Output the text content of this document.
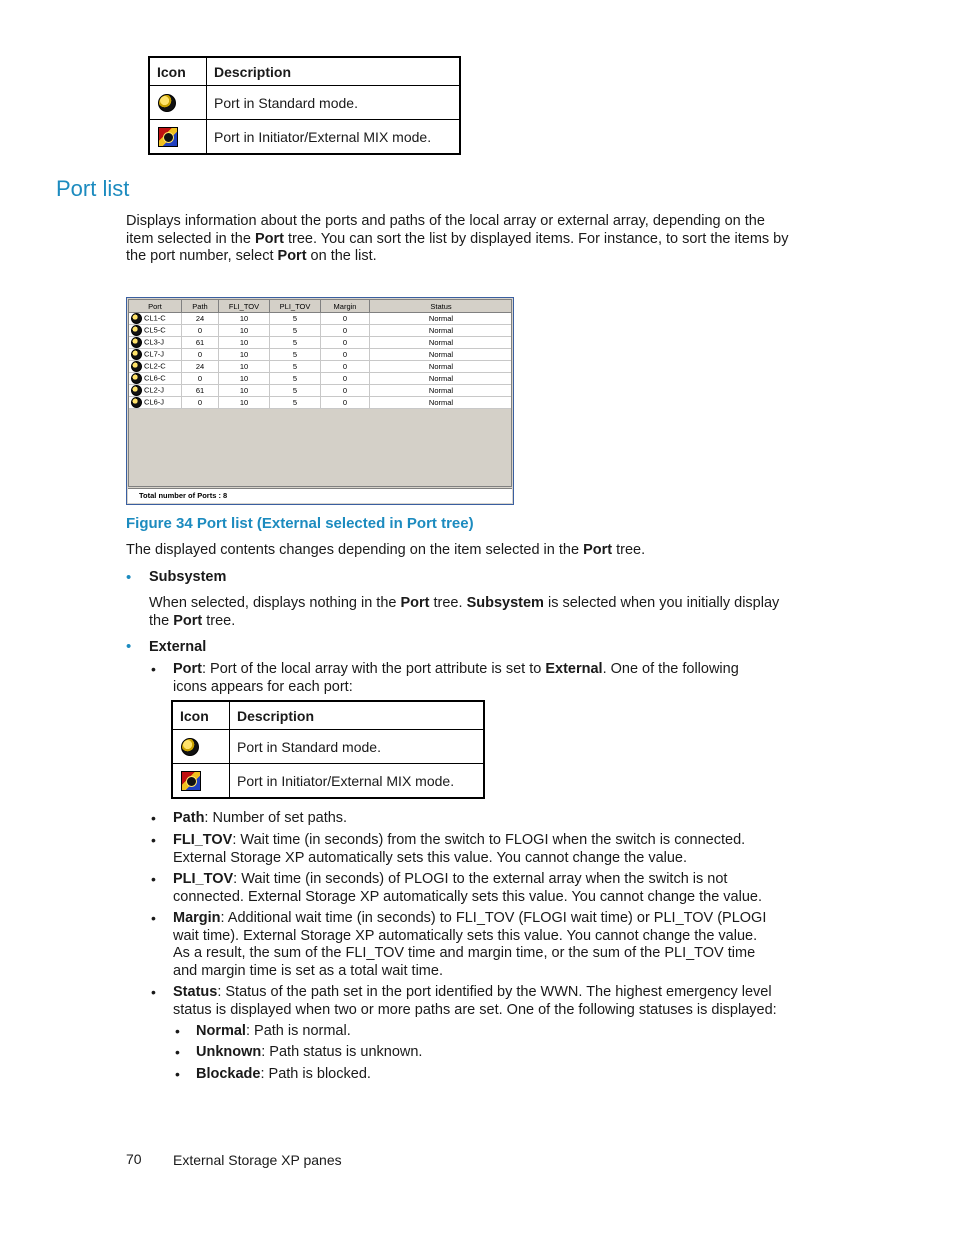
Icon	Description
	Port in Standard mode.
	Port in Initiator/External MIX mode.
Port list
Displays information about the ports and paths of the local array or external array, depending on the
item selected in the Port tree. You can sort the list by displayed items. For instance, to sort the items by
the port number, select Port on the list.
Port	Path	FLI_TOV	PLI_TOV	Margin	Status
CL1-C	24	10	5	0	Normal
CL5-C	0	10	5	0	Normal
CL3-J	61	10	5	0	Normal
CL7-J	0	10	5	0	Normal
CL2-C	24	10	5	0	Normal
CL6-C	0	10	5	0	Normal
CL2-J	61	10	5	0	Normal
CL6-J	0	10	5	0	Normal
Total number of Ports : 8
Figure 34 Port list (External selected in Port tree)
The displayed contents changes depending on the item selected in the Port tree.
• Subsystem
When selected, displays nothing in the Port tree. Subsystem is selected when you initially display
the Port tree.
• External
• Port: Port of the local array with the port attribute is set to External. One of the following
icons appears for each port:
Icon	Description
	Port in Standard mode.
	Port in Initiator/External MIX mode.
• Path: Number of set paths.
• FLI_TOV: Wait time (in seconds) from the switch to FLOGI when the switch is connected.
External Storage XP automatically sets this value. You cannot change the value.
• PLI_TOV: Wait time (in seconds) of PLOGI to the external array when the switch is not
connected. External Storage XP automatically sets this value. You cannot change the value.
• Margin: Additional wait time (in seconds) to FLI_TOV (FLOGI wait time) or PLI_TOV (PLOGI
wait time). External Storage XP automatically sets this value. You cannot change the value.
As a result, the sum of the FLI_TOV time and margin time, or the sum of the PLI_TOV time
and margin time is set as a total wait time.
• Status: Status of the path set in the port identified by the WWN. The highest emergency level
status is displayed when two or more paths are set. One of the following statuses is displayed:
• Normal: Path is normal.
• Unknown: Path status is unknown.
• Blockade: Path is blocked.
70 External Storage XP panes
